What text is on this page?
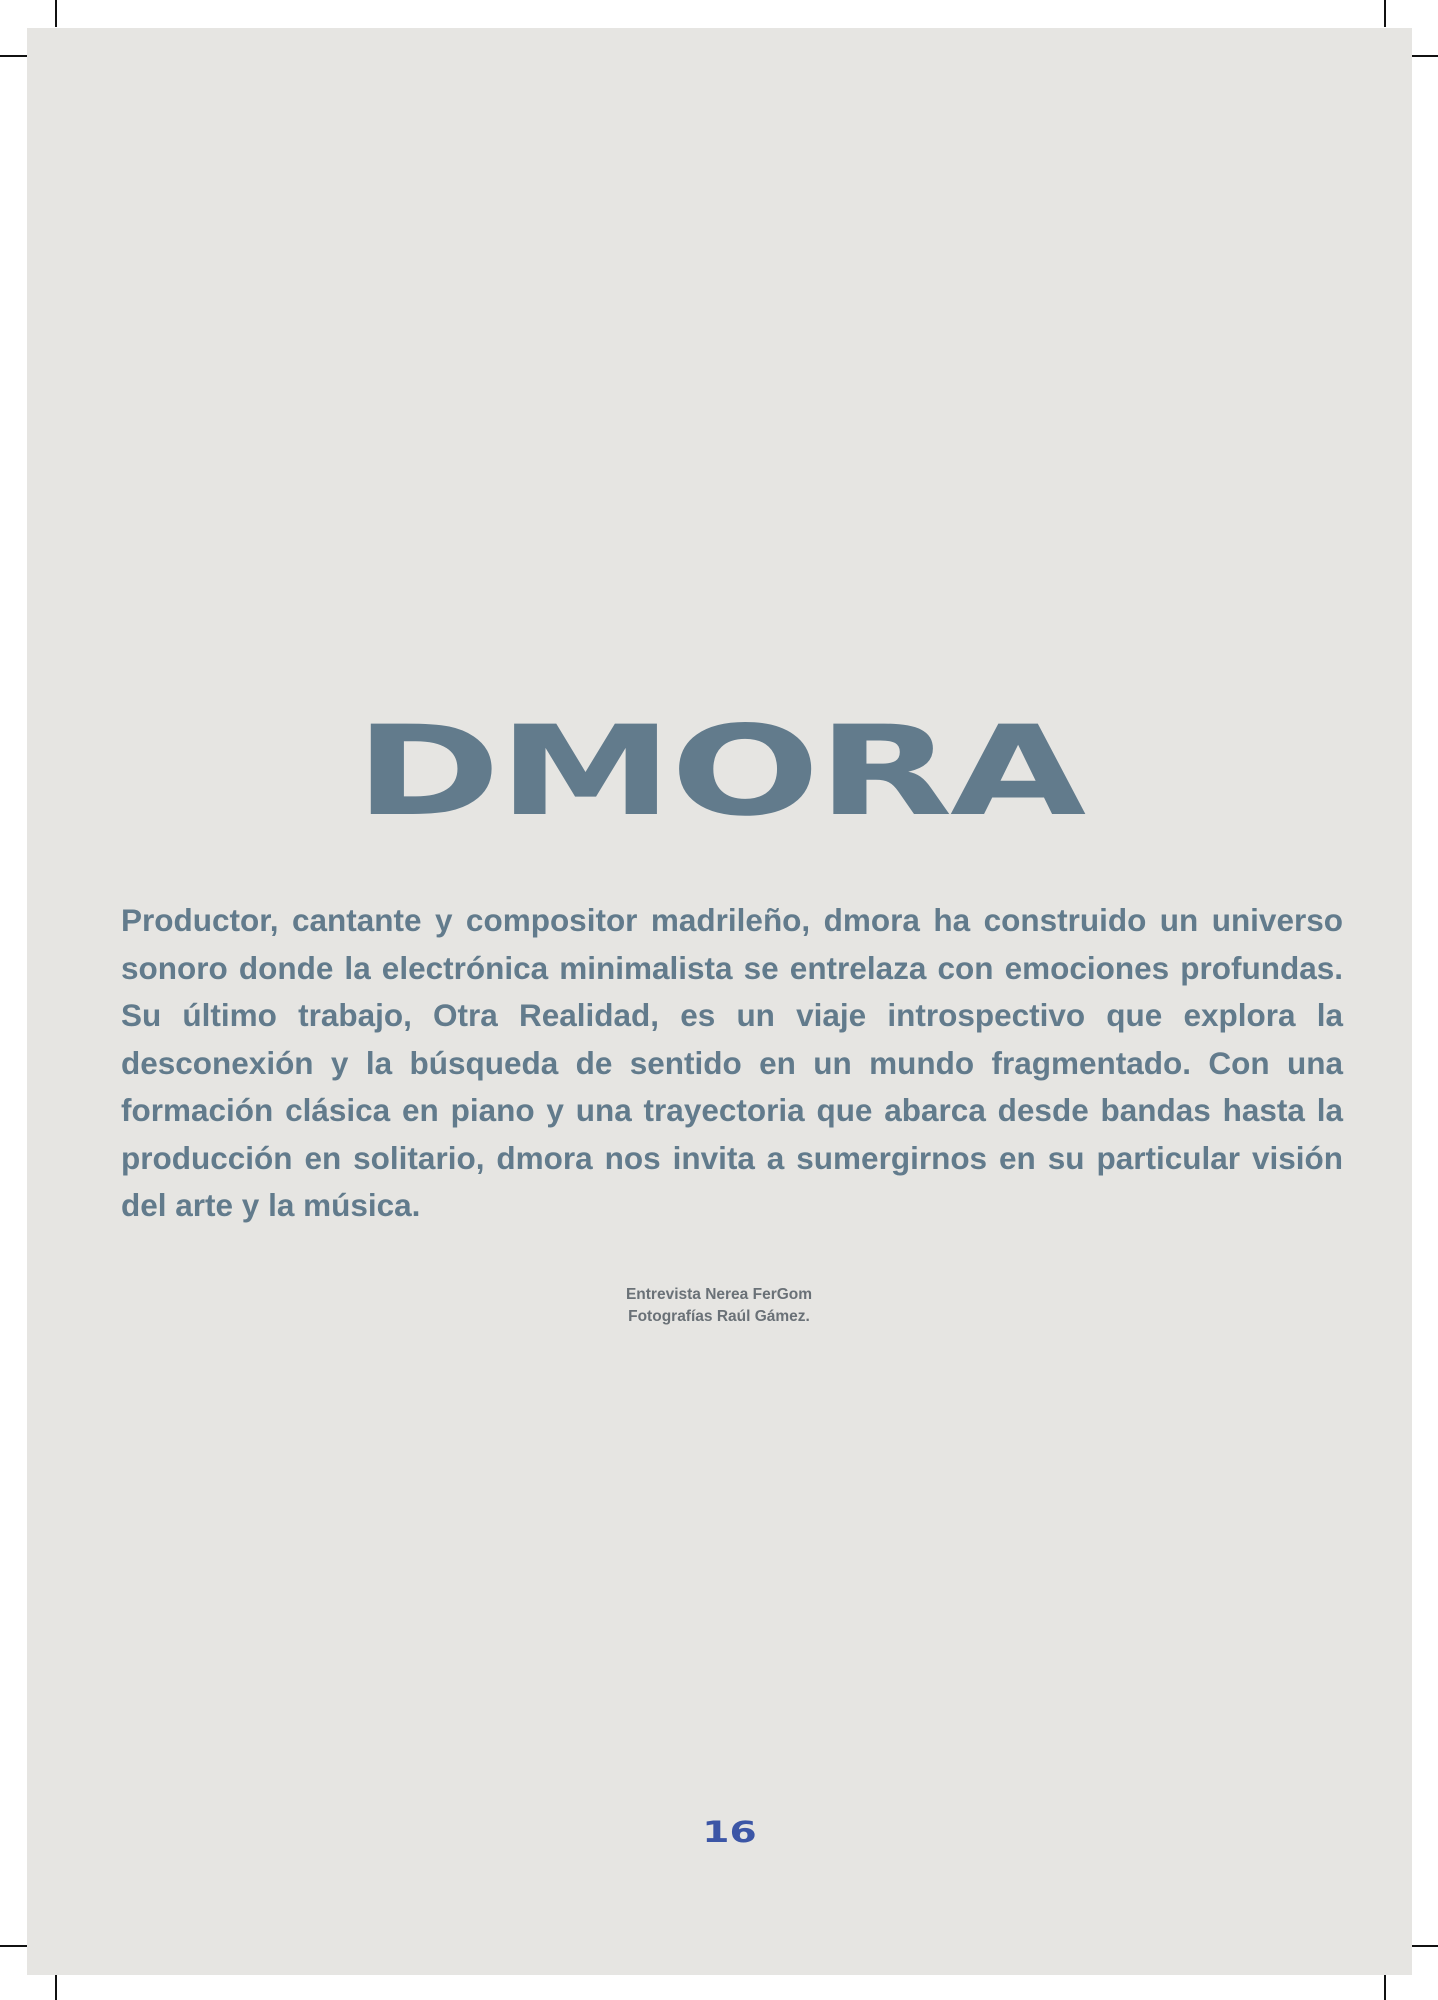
DMORA

Productor, cantante y compositor madrileño, dmora ha construido un universo sonoro donde la electrónica minimalista se entrelaza con emociones profundas. Su último trabajo, Otra Realidad, es un viaje introspectivo que explora la desconexión y la búsqueda de sentido en un mundo fragmentado. Con una formación clásica en piano y una trayectoria que abarca desde bandas hasta la producción en solitario, dmora nos invita a sumergirnos en su particular visión del arte y la música.

Entrevista Nerea FerGom
Fotografías Raúl Gámez.
16
